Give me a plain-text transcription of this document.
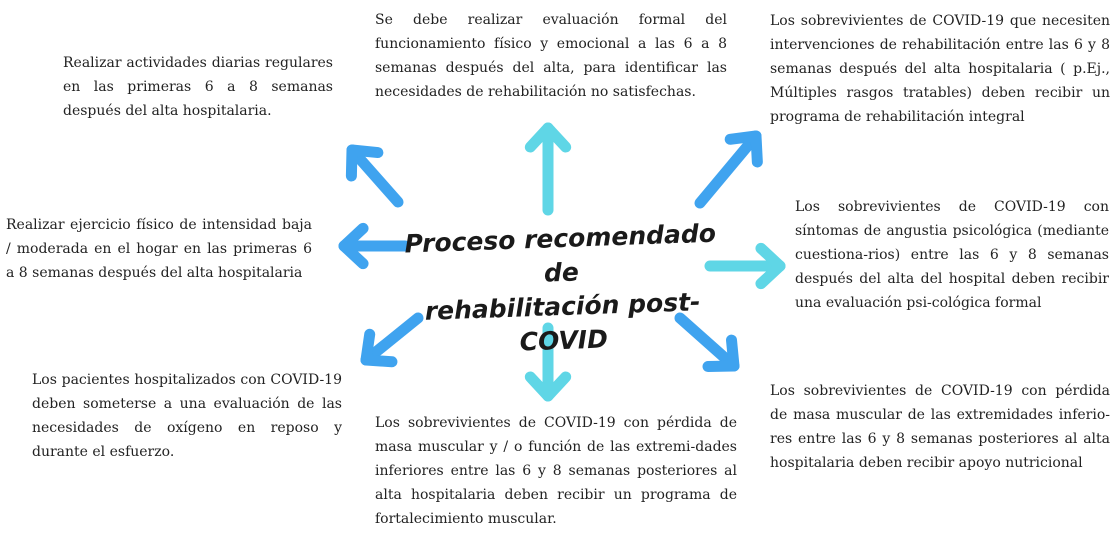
Proceso recomendado de
rehabilitación post-COVID

Realizar actividades diarias regulares en las primeras 6 a 8 semanas después del alta hospitalaria.

Se debe realizar evaluación formal del funcionamiento físico y emocional a las 6 a 8 semanas después del alta, para identificar las necesidades de rehabilitación no satisfechas.

Los sobrevivientes de COVID-19 que necesiten intervenciones de rehabilitación entre las 6 y 8 semanas después del alta hospitalaria ( p.Ej., Múltiples rasgos tratables) deben recibir un programa de rehabilitación integral

Realizar ejercicio físico de intensidad baja / moderada en el hogar en las primeras 6 a 8 semanas después del alta hospitalaria

Los sobrevivientes de COVID-19 con síntomas de angustia psicológica (mediante cuestiona-rios) entre las 6 y 8 semanas después del alta del hospital deben recibir una evaluación psi-cológica formal

Los pacientes hospitalizados con COVID-19 deben someterse a una evaluación de las necesidades de oxígeno en reposo y durante el esfuerzo.

Los sobrevivientes de COVID-19 con pérdida de masa muscular y / o función de las extremi-dades inferiores entre las 6 y 8 semanas posteriores al alta hospitalaria deben recibir un programa de fortalecimiento muscular.

Los sobrevivientes de COVID-19 con pérdida de masa muscular de las extremidades inferio-res entre las 6 y 8 semanas posteriores al alta hospitalaria deben recibir apoyo nutricional
